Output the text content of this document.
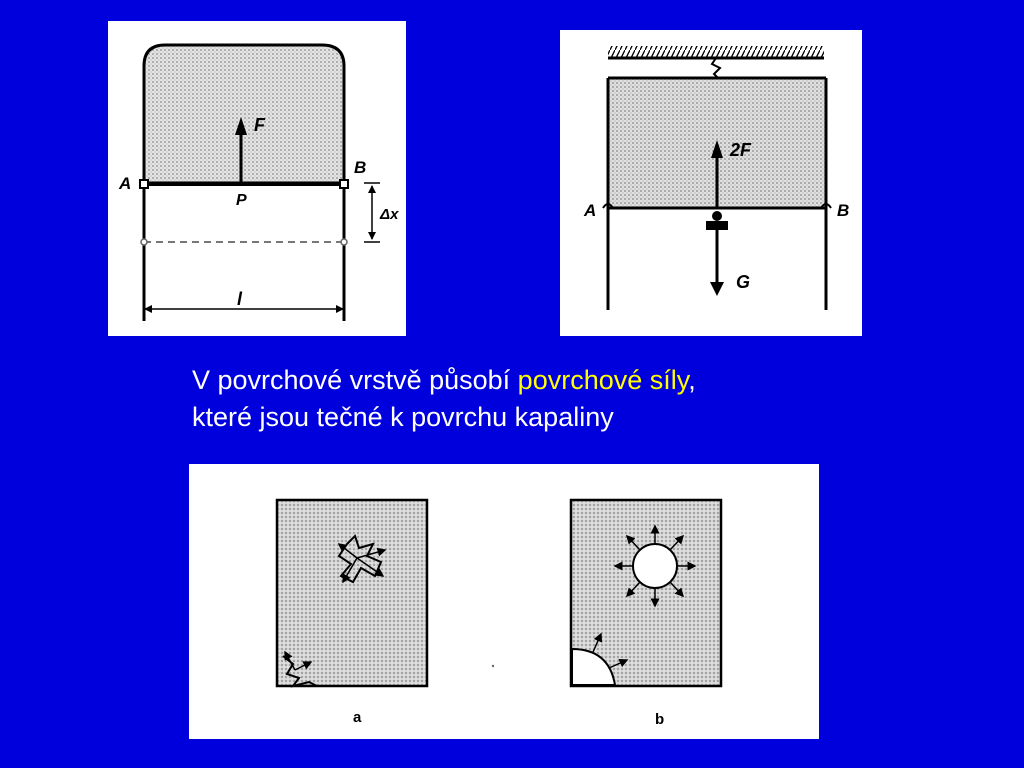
A
B
F
P
Δx
l
A	B
2F
G
V povrchové vrstvě působí povrchové síly,
které jsou tečné k povrchu kapaliny
a	b
